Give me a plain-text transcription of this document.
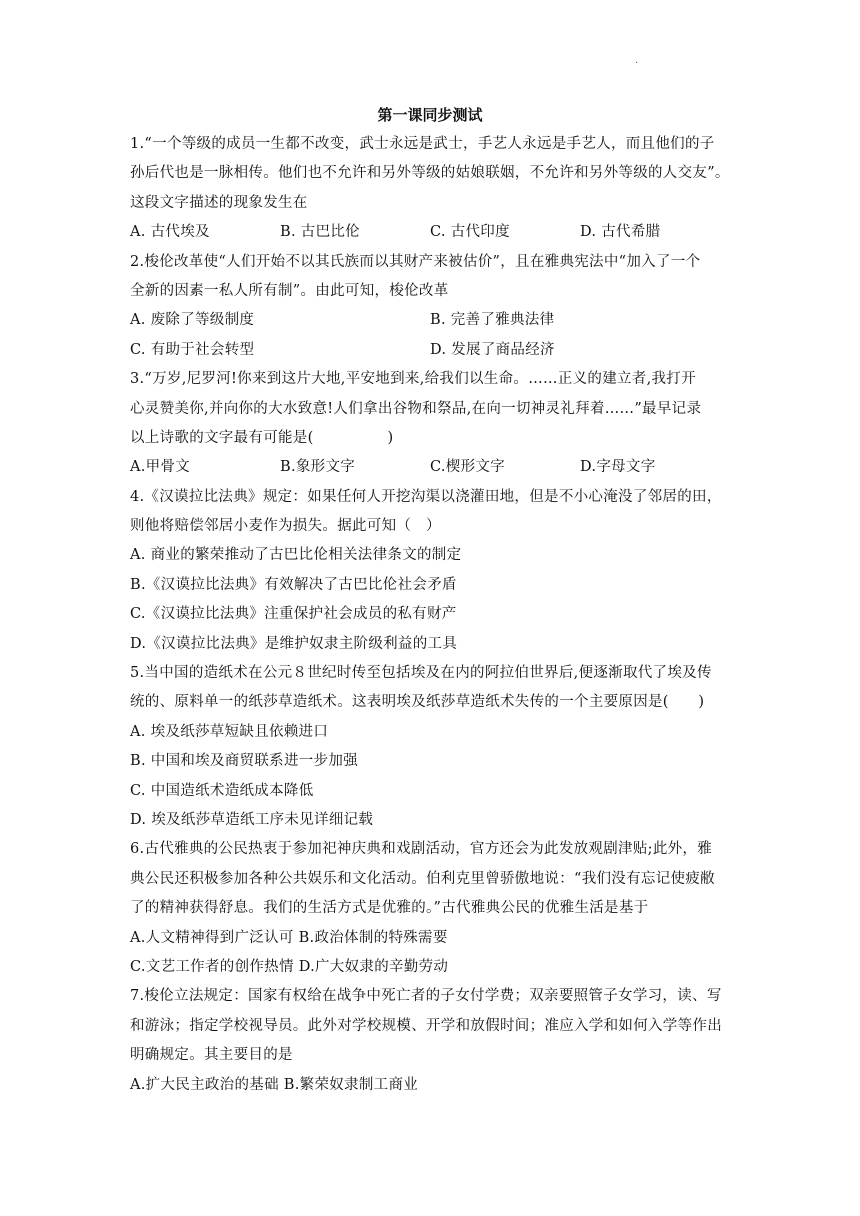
·
第一课同步测试
1.“一个等级的成员一生都不改变，武士永远是武士，手艺人永远是手艺人，而且他们的子
孙后代也是一脉相传。他们也不允许和另外等级的姑娘联姻，不允许和另外等级的人交友”。
这段文字描述的现象发生在
A. 古代埃及	B. 古巴比伦	C. 古代印度	D. 古代希腊
2.梭伦改革使“人们开始不以其氏族而以其财产来被估价”，且在雅典宪法中“加入了一个
全新的因素一私人所有制”。由此可知，梭伦改革
A. 废除了等级制度	B. 完善了雅典法律
C. 有助于社会转型	D. 发展了商品经济
3.“万岁,尼罗河!你来到这片大地,平安地到来,给我们以生命。……正义的建立者,我打开
心灵赞美你,并向你的大水致意!人们拿出谷物和祭品,在向一切神灵礼拜着……”最早记录
以上诗歌的文字最有可能是(　　　　　)
A.甲骨文	B.象形文字	C.楔形文字	D.字母文字
4.《汉谟拉比法典》规定：如果任何人开挖沟渠以浇灌田地，但是不小心淹没了邻居的田，
则他将赔偿邻居小麦作为损失。据此可知（　）
A. 商业的繁荣推动了古巴比伦相关法律条文的制定
B.《汉谟拉比法典》有效解决了古巴比伦社会矛盾
C.《汉谟拉比法典》注重保护社会成员的私有财产
D.《汉谟拉比法典》是维护奴隶主阶级利益的工具
5.当中国的造纸术在公元８世纪时传至包括埃及在内的阿拉伯世界后,便逐渐取代了埃及传
统的、原料单一的纸莎草造纸术。这表明埃及纸莎草造纸术失传的一个主要原因是(　　)
A. 埃及纸莎草短缺且依赖进口
B. 中国和埃及商贸联系进一步加强
C. 中国造纸术造纸成本降低
D. 埃及纸莎草造纸工序未见详细记载
6.古代雅典的公民热衷于参加祀神庆典和戏剧活动，官方还会为此发放观剧津贴;此外，雅
典公民还积极参加各种公共娱乐和文化活动。伯利克里曾骄傲地说：“我们没有忘记使疲敝
了的精神获得舒息。我们的生活方式是优雅的。”古代雅典公民的优雅生活是基于
A.人文精神得到广泛认可 B.政治体制的特殊需要
C.文艺工作者的创作热情 D.广大奴隶的辛勤劳动
7.梭伦立法规定：国家有权给在战争中死亡者的子女付学费；双亲要照管子女学习，读、写
和游泳；指定学校视导员。此外对学校规模、开学和放假时间；准应入学和如何入学等作出
明确规定。其主要目的是
A.扩大民主政治的基础 B.繁荣奴隶制工商业
